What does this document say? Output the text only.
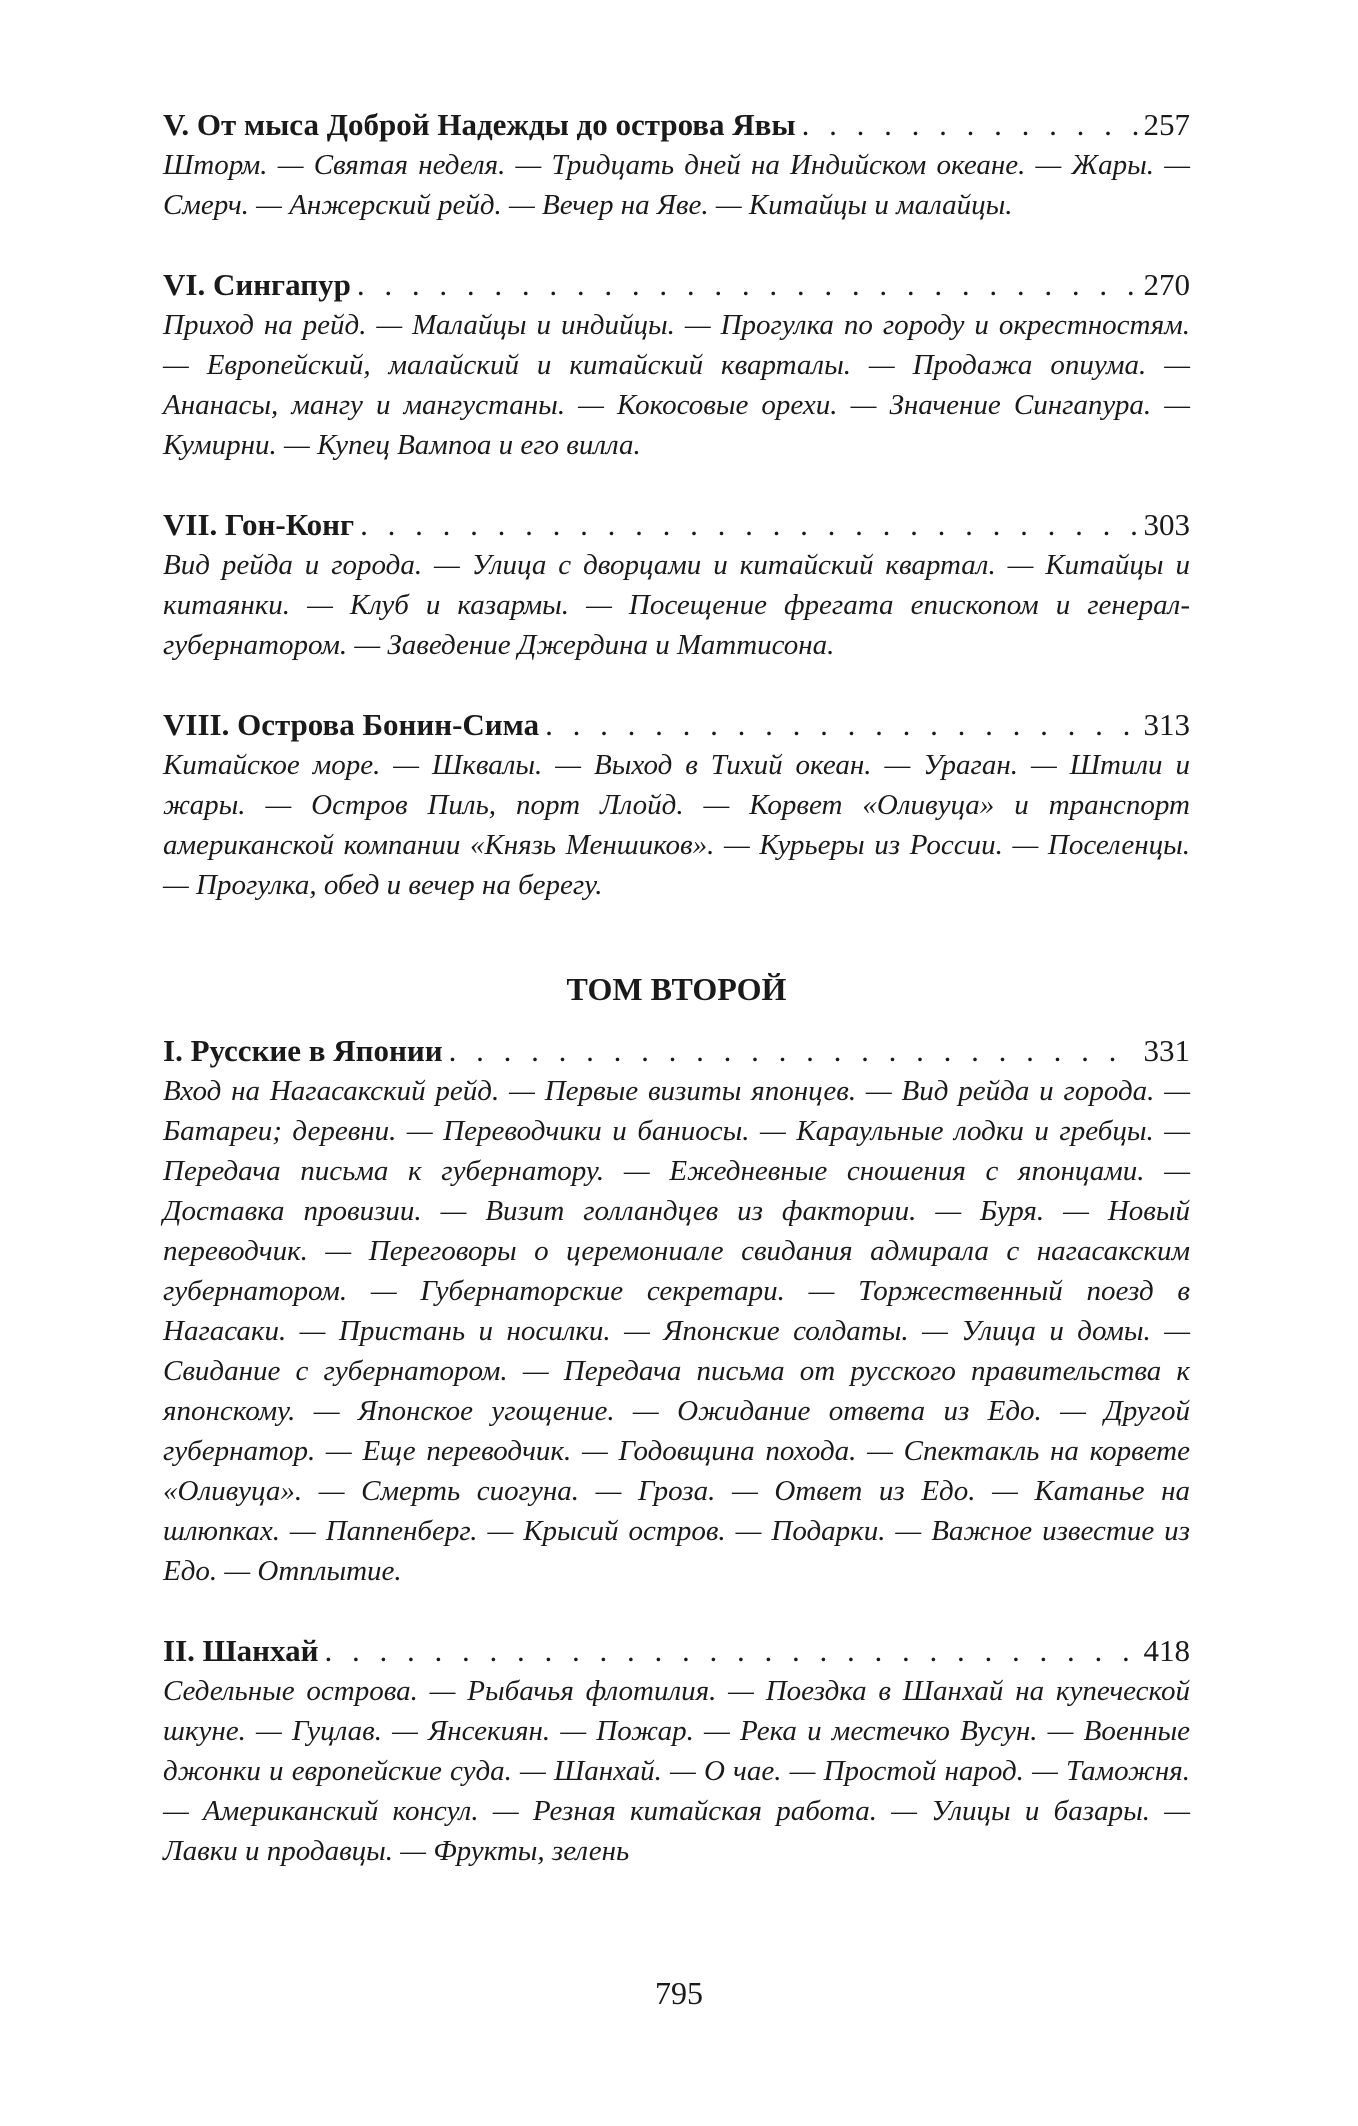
V. От мыса Доброй Надежды до острова Явы . . .	257

Шторм. — Святая неделя. — Тридцать дней на Индийском океане. — Жары. — Смерч. — Анжерский рейд. — Вечер на Яве. — Китайцы и малайцы.

VI. Сингапур . . .	270

Приход на рейд. — Малайцы и индийцы. — Прогулка по городу и окрестностям. — Европейский, малайский и китайский кварталы. — Продажа опиума. — Ананасы, мангу и мангустаны. — Кокосовые орехи. — Значение Сингапура. — Кумирни. — Купец Вампоа и его вилла.

VII. Гон-Конг . . .	303

Вид рейда и города. — Улица с дворцами и китайский квартал. — Китайцы и китаянки. — Клуб и казармы. — Посещение фрегата епископом и генерал-губернатором. — Заведение Джердина и Маттисона.

VIII. Острова Бонин-Сима . . .	313

Китайское море. — Шквалы. — Выход в Тихий океан. — Ураган. — Штили и жары. — Остров Пиль, порт Ллойд. — Корвет «Оливуца» и транспорт американской компании «Князь Меншиков». — Курьеры из России. — Поселенцы. — Прогулка, обед и вечер на берегу.

ТОМ ВТОРОЙ
I. Русские в Японии . . .	331

Вход на Нагасакский рейд. — Первые визиты японцев. — Вид рейда и города. — Батареи; деревни. — Переводчики и баниосы. — Караульные лодки и гребцы. — Передача письма к губернатору. — Ежедневные сношения с японцами. — Доставка провизии. — Визит голландцев из фактории. — Буря. — Новый переводчик. — Переговоры о церемониале свидания адмирала с нагасакским губернатором. — Губернаторские секретари. — Торжественный поезд в Нагасаки. — Пристань и носилки. — Японские солдаты. — Улица и домы. — Свидание с губернатором. — Передача письма от русского правительства к японскому. — Японское угощение. — Ожидание ответа из Едо. — Другой губернатор. — Еще переводчик. — Годовщина похода. — Спектакль на корвете «Оливуца». — Смерть сиогуна. — Гроза. — Ответ из Едо. — Катанье на шлюпках. — Паппенберг. — Крысий остров. — Подарки. — Важное известие из Едо. — Отплытие.

II. Шанхай . . .	418

Седельные острова. — Рыбачья флотилия. — Поездка в Шанхай на купеческой шкуне. — Гуцлав. — Янсекиян. — Пожар. — Река и местечко Вусун. — Военные джонки и европейские суда. — Шанхай. — О чае. — Простой народ. — Таможня. — Американский консул. — Резная китайская работа. — Улицы и базары. — Лавки и продавцы. — Фрукты, зелень

795
